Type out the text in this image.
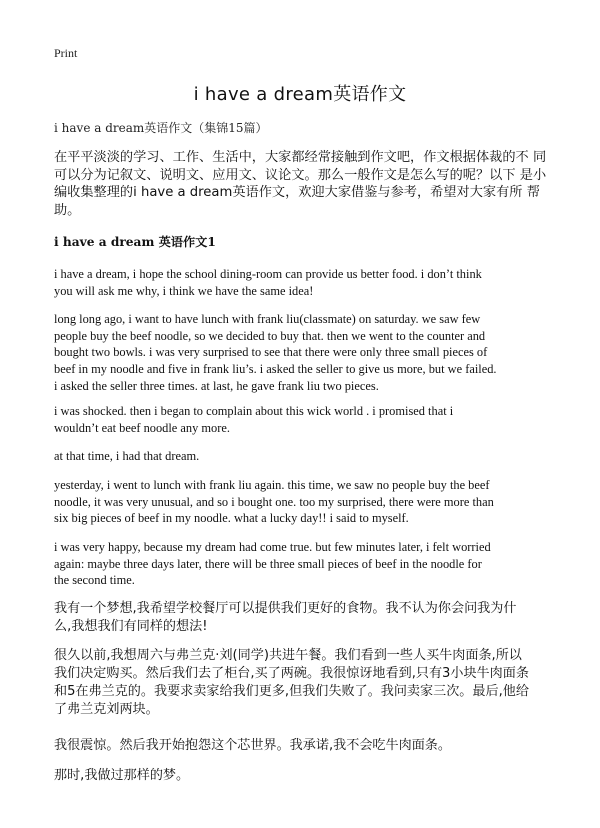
Print
i have a dream英语作文
i have a dream英语作文（集锦15篇）
在平平淡淡的学习、工作、生活中，大家都经常接触到作文吧，作文根据体裁的不 同可以分为记叙文、说明文、应用文、议论文。那么一般作文是怎么写的呢？以下 是小编收集整理的i have a dream英语作文，欢迎大家借鉴与参考，希望对大家有所 帮助。
i have a dream 英语作文1
i have a dream, i hope the school dining-room can provide us better food. i don’t think
you will ask me why, i think we have the same idea!
long long ago, i want to have lunch with frank liu(classmate) on saturday. we saw few
people buy the beef noodle, so we decided to buy that. then we went to the counter and
bought two bowls. i was very surprised to see that there were only three small pieces of
beef in my noodle and five in frank liu’s. i asked the seller to give us more, but we failed.
i asked the seller three times. at last, he gave frank liu two pieces.
i was shocked. then i began to complain about this wick world . i promised that i
wouldn’t eat beef noodle any more.
at that time, i had that dream.
yesterday, i went to lunch with frank liu again. this time, we saw no people buy the beef
noodle, it was very unusual, and so i bought one. too my surprised, there were more than
six big pieces of beef in my noodle. what a lucky day!! i said to myself.
i was very happy, because my dream had come true. but few minutes later, i felt worried
again: maybe three days later, there will be three small pieces of beef in the noodle for
the second time.
我有一个梦想,我希望学校餐厅可以提供我们更好的食物。我不认为你会问我为什
么,我想我们有同样的想法!
很久以前,我想周六与弗兰克·刘(同学)共进午餐。我们看到一些人买牛肉面条,所以
我们决定购买。然后我们去了柜台,买了两碗。我很惊讶地看到,只有3小块牛肉面条
和5在弗兰克的。我要求卖家给我们更多,但我们失败了。我问卖家三次。最后,他给
了弗兰克刘两块。
我很震惊。然后我开始抱怨这个芯世界。我承诺,我不会吃牛肉面条。
那时,我做过那样的梦。
